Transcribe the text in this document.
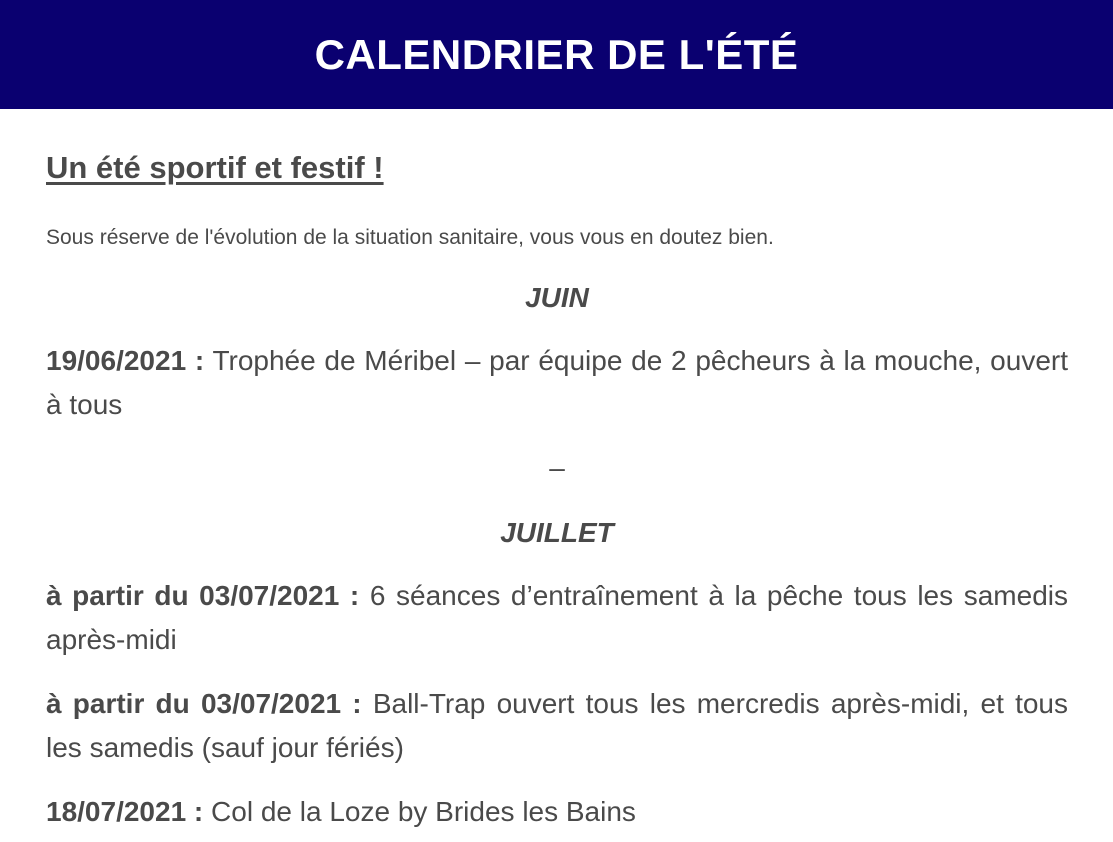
CALENDRIER DE L'ÉTÉ
Un été sportif et festif !

Sous réserve de l'évolution de la situation sanitaire, vous vous en doutez bien.

JUIN

19/06/2021 : Trophée de Méribel – par équipe de 2 pêcheurs à la mouche, ouvert à tous

–

JUILLET

à partir du 03/07/2021 : 6 séances d’entraînement à la pêche tous les samedis après-midi

à partir du 03/07/2021 : Ball-Trap ouvert tous les mercredis après-midi, et tous les samedis (sauf jour fériés)

18/07/2021 : Col de la Loze by Brides les Bains
